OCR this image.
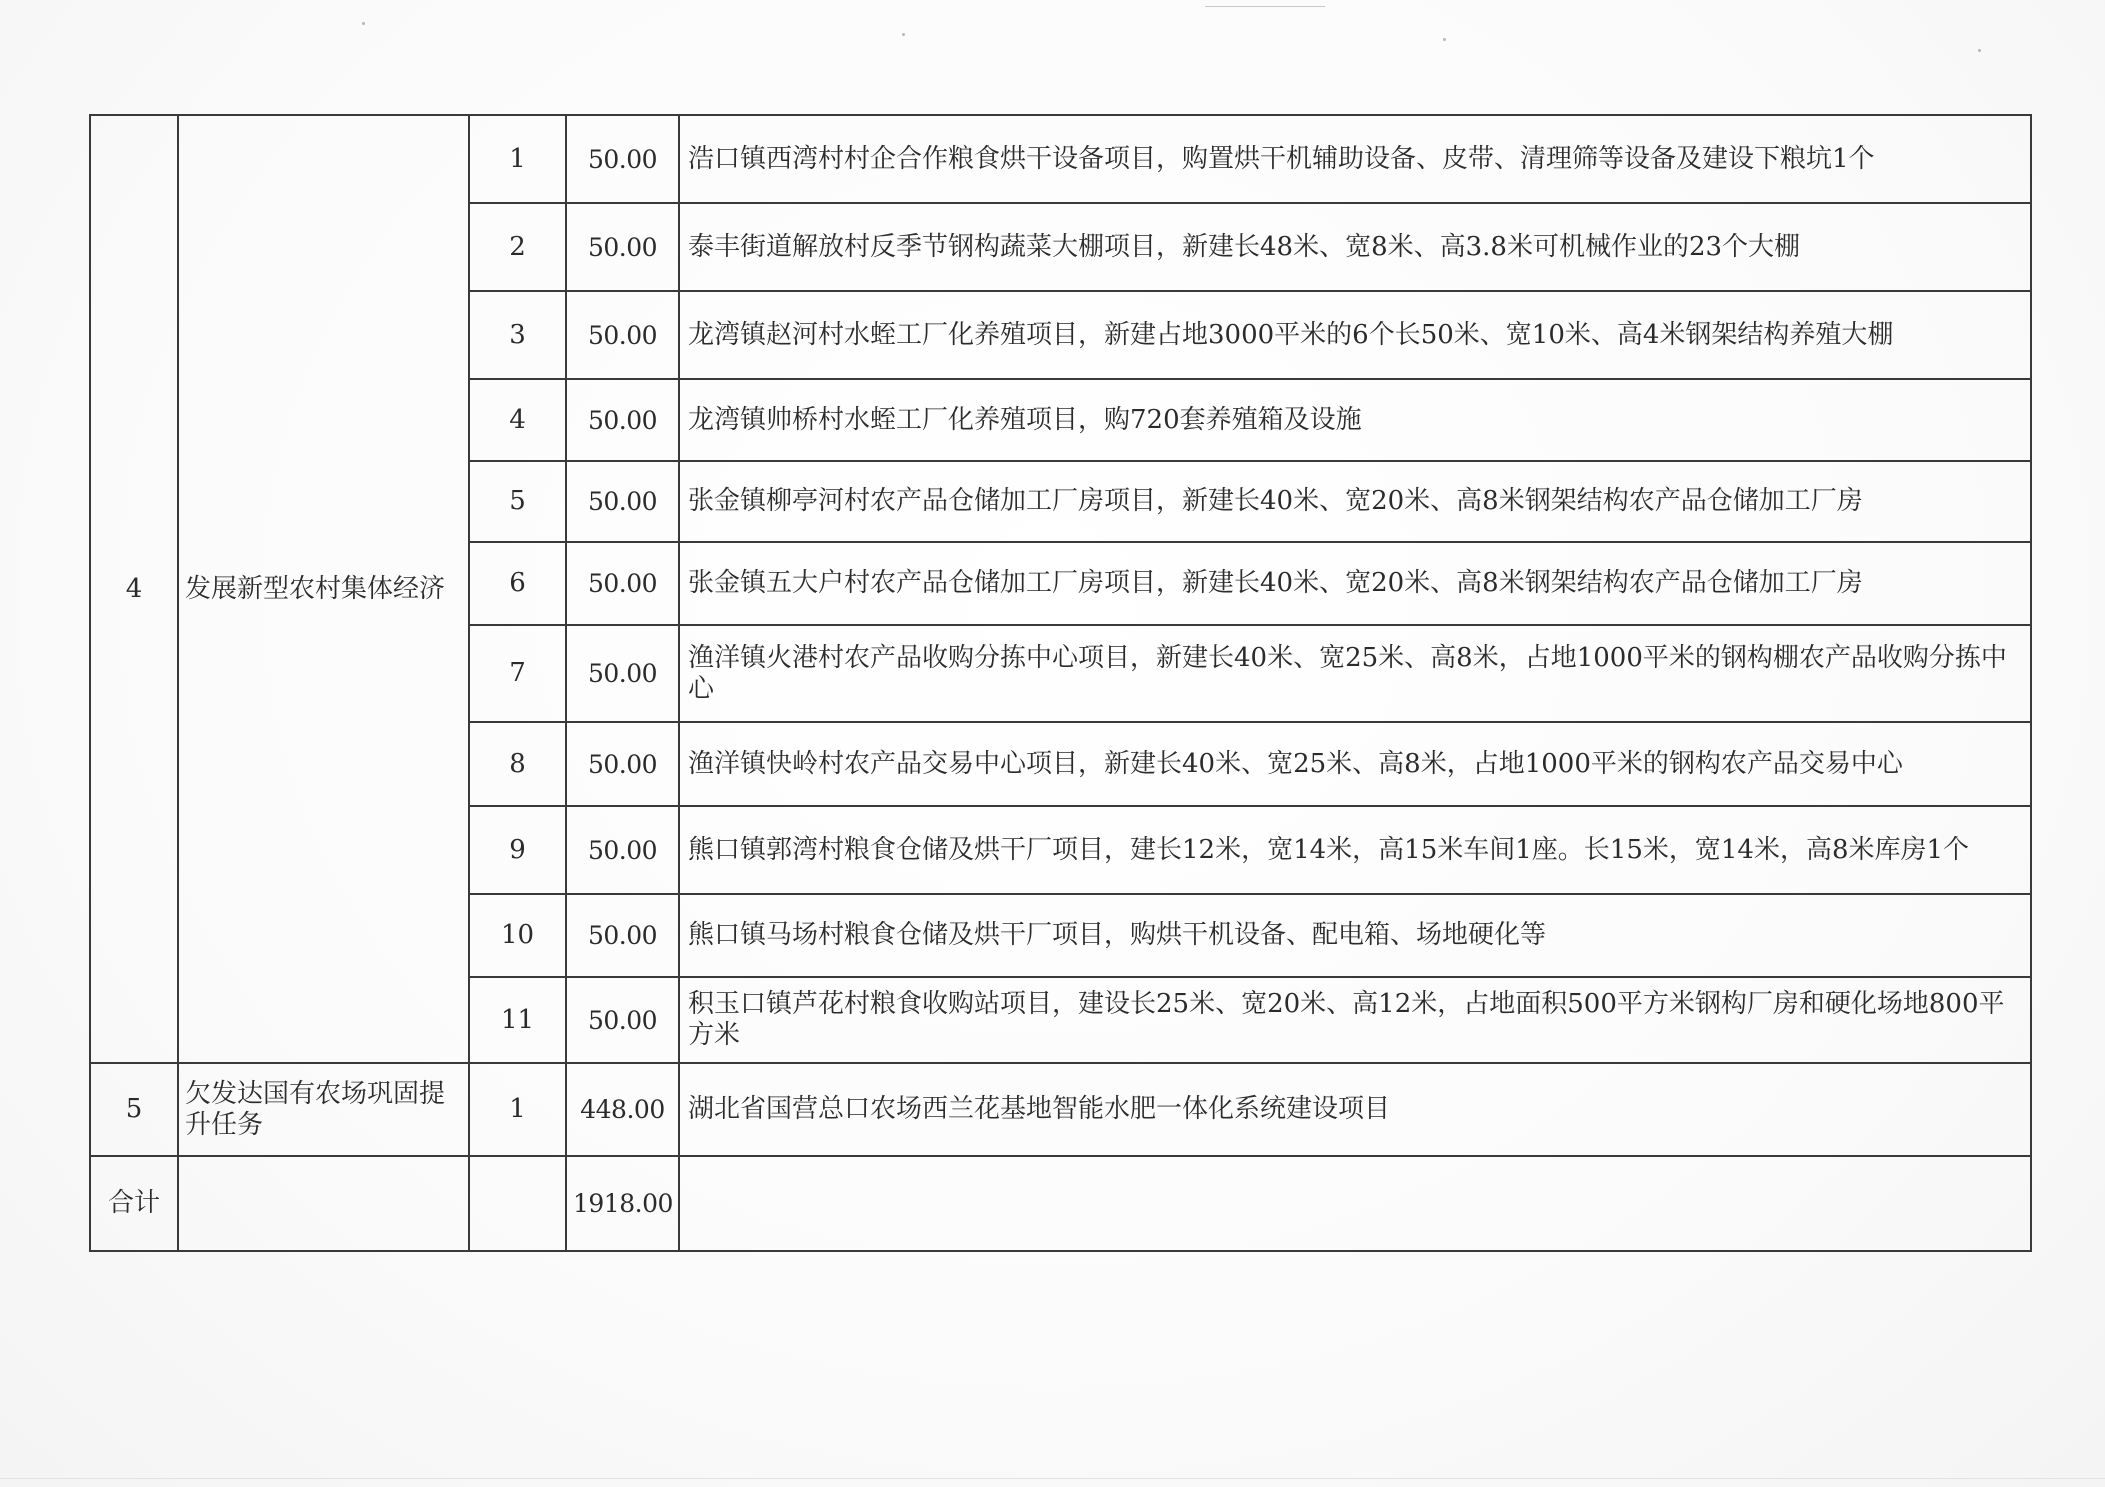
4	发展新型农村集体经济	1	50.00	浩口镇西湾村村企合作粮食烘干设备项目，购置烘干机辅助设备、皮带、清理筛等设备及建设下粮坑1个
		2	50.00	泰丰街道解放村反季节钢构蔬菜大棚项目，新建长48米、宽8米、高3.8米可机械作业的23个大棚
		3	50.00	龙湾镇赵河村水蛭工厂化养殖项目，新建占地3000平米的6个长50米、宽10米、高4米钢架结构养殖大棚
		4	50.00	龙湾镇帅桥村水蛭工厂化养殖项目，购720套养殖箱及设施
		5	50.00	张金镇柳亭河村农产品仓储加工厂房项目，新建长40米、宽20米、高8米钢架结构农产品仓储加工厂房
		6	50.00	张金镇五大户村农产品仓储加工厂房项目，新建长40米、宽20米、高8米钢架结构农产品仓储加工厂房
		7	50.00	渔洋镇火港村农产品收购分拣中心项目，新建长40米、宽25米、高8米，占地1000平米的钢构棚农产品收购分拣中心
		8	50.00	渔洋镇快岭村农产品交易中心项目，新建长40米、宽25米、高8米，占地1000平米的钢构农产品交易中心
		9	50.00	熊口镇郭湾村粮食仓储及烘干厂项目，建长12米，宽14米，高15米车间1座。长15米，宽14米，高8米库房1个
		10	50.00	熊口镇马场村粮食仓储及烘干厂项目，购烘干机设备、配电箱、场地硬化等
		11	50.00	积玉口镇芦花村粮食收购站项目，建设长25米、宽20米、高12米，占地面积500平方米钢构厂房和硬化场地800平方米
5	欠发达国有农场巩固提升任务	1	448.00	湖北省国营总口农场西兰花基地智能水肥一体化系统建设项目
合计			1918.00	
